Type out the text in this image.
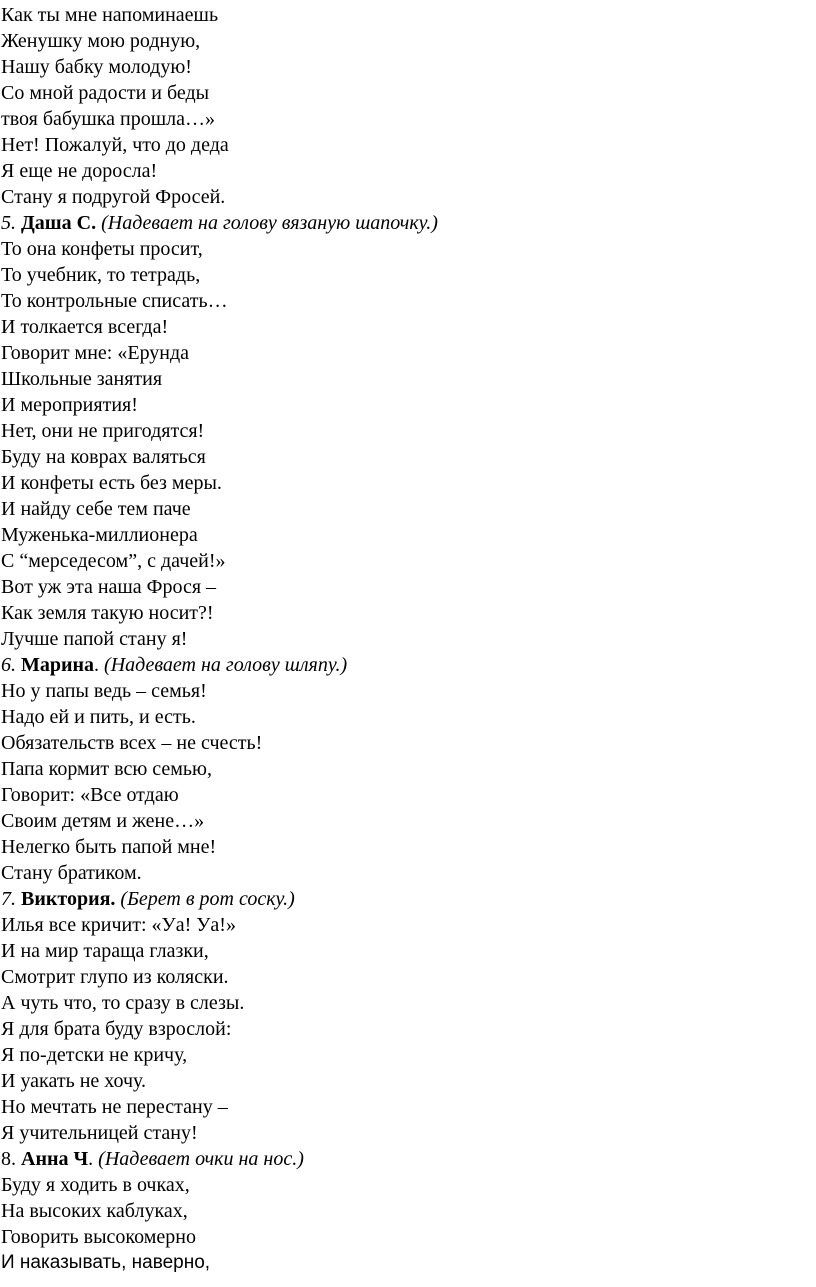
Как ты мне напоминаешь
Женушку мою родную,
Нашу бабку молодую!
Со мной радости и беды
твоя бабушка прошла…»
Нет! Пожалуй, что до деда
Я еще не доросла!
Стану я подругой Фросей.
5. Даша С. (Надевает на голову вязаную шапочку.)
То она конфеты просит,
То учебник, то тетрадь,
То контрольные списать…
И толкается всегда!
Говорит мне: «Ерунда
Школьные занятия
И мероприятия!
Нет, они не пригодятся!
Буду на коврах валяться
И конфеты есть без меры.
И найду себе тем паче
Муженька-миллионера
С “мерседесом”, с дачей!»
Вот уж эта наша Фрося –
Как земля такую носит?!
Лучше папой стану я!
6. Марина. (Надевает на голову шляпу.)
Но у папы ведь – семья!
Надо ей и пить, и есть.
Обязательств всех – не счесть!
Папа кормит всю семью,
Говорит: «Все отдаю
Своим детям и жене…»
Нелегко быть папой мне!
Стану братиком.
7. Виктория. (Берет в рот соску.)
Илья все кричит: «Уа! Уа!»
И на мир тараща глазки,
Смотрит глупо из коляски.
А чуть что, то сразу в слезы.
Я для брата буду взрослой:
Я по-детски не кричу,
И уакать не хочу.
Но мечтать не перестану –
Я учительницей стану!
8. Анна Ч. (Надевает очки на нос.)
Буду я ходить в очках,
На высоких каблуках,
Говорить высокомерно
И наказывать, наверно,
